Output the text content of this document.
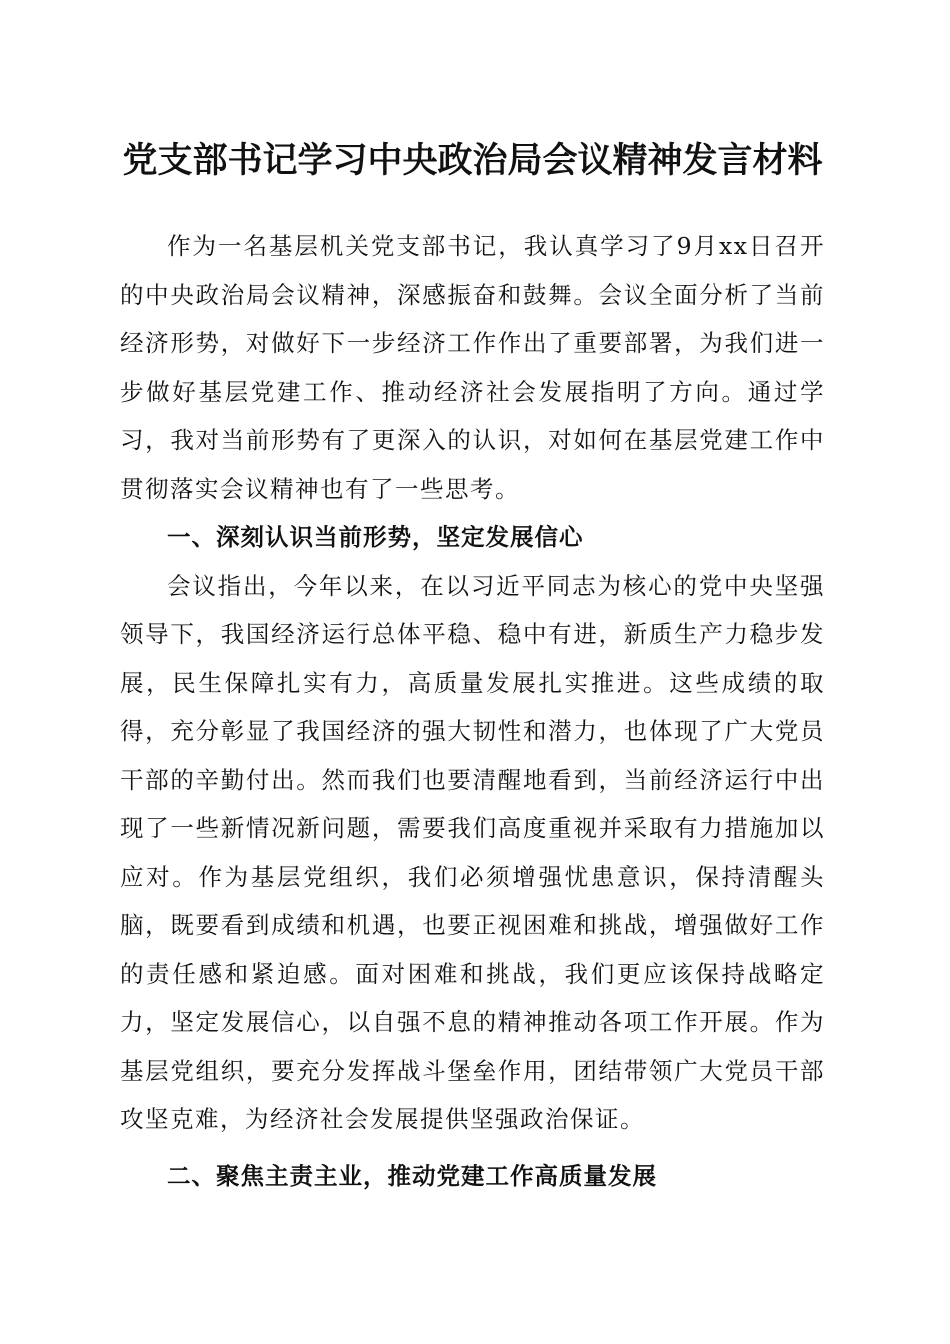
党支部书记学习中央政治局会议精神发言材料

作为一名基层机关党支部书记，我认真学习了9月xx日召开的中央政治局会议精神，深感振奋和鼓舞。会议全面分析了当前经济形势，对做好下一步经济工作作出了重要部署，为我们进一步做好基层党建工作、推动经济社会发展指明了方向。通过学习，我对当前形势有了更深入的认识，对如何在基层党建工作中贯彻落实会议精神也有了一些思考。

一、深刻认识当前形势，坚定发展信心

会议指出，今年以来，在以习近平同志为核心的党中央坚强领导下，我国经济运行总体平稳、稳中有进，新质生产力稳步发展，民生保障扎实有力，高质量发展扎实推进。这些成绩的取得，充分彰显了我国经济的强大韧性和潜力，也体现了广大党员干部的辛勤付出。然而我们也要清醒地看到，当前经济运行中出现了一些新情况新问题，需要我们高度重视并采取有力措施加以应对。作为基层党组织，我们必须增强忧患意识，保持清醒头脑，既要看到成绩和机遇，也要正视困难和挑战，增强做好工作的责任感和紧迫感。面对困难和挑战，我们更应该保持战略定力，坚定发展信心，以自强不息的精神推动各项工作开展。作为基层党组织，要充分发挥战斗堡垒作用，团结带领广大党员干部攻坚克难，为经济社会发展提供坚强政治保证。

二、聚焦主责主业，推动党建工作高质量发展
